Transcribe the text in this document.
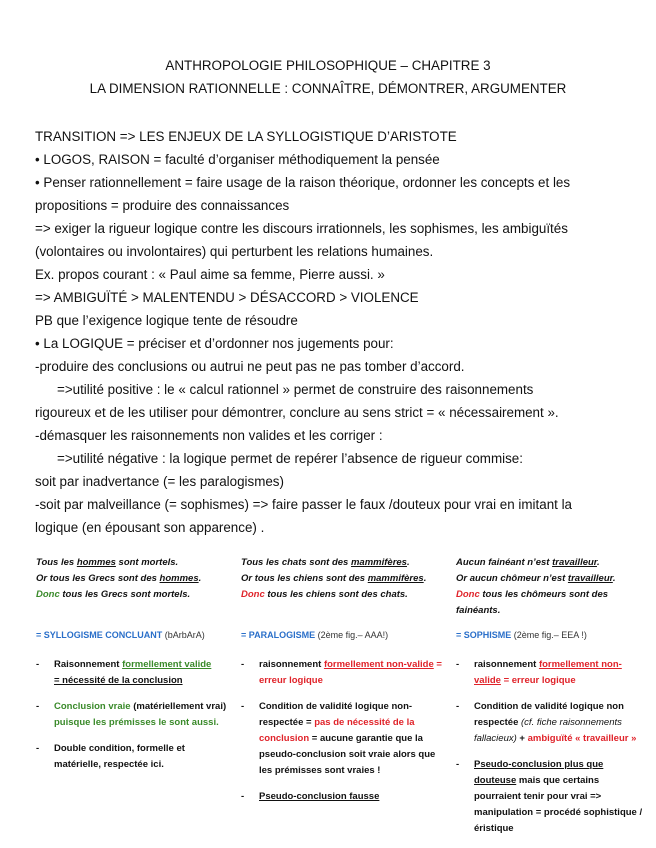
ANTHROPOLOGIE PHILOSOPHIQUE – CHAPITRE 3
LA DIMENSION RATIONNELLE : CONNAÎTRE, DÉMONTRER, ARGUMENTER
TRANSITION => LES ENJEUX DE LA SYLLOGISTIQUE D’ARISTOTE
• LOGOS, RAISON = faculté d’organiser méthodiquement la pensée
• Penser rationnellement = faire usage de la raison théorique, ordonner les concepts et les
propositions = produire des connaissances
=> exiger la rigueur logique contre les discours irrationnels, les sophismes, les ambiguïtés
(volontaires ou involontaires) qui perturbent les relations humaines.
Ex. propos courant : « Paul aime sa femme, Pierre aussi. »
=> AMBIGUÏTÉ > MALENTENDU > DÉSACCORD > VIOLENCE
PB que l’exigence logique tente de résoudre
• La LOGIQUE = préciser et d’ordonner nos jugements pour:
-produire des conclusions ou autrui ne peut pas ne pas tomber d’accord.
=>utilité positive : le « calcul rationnel » permet de construire des raisonnements
rigoureux et de les utiliser pour démontrer, conclure au sens strict = « nécessairement ».
-démasquer les raisonnements non valides et les corriger :
=>utilité négative : la logique permet de repérer l’absence de rigueur commise:
soit par inadvertance (= les paralogismes)
-soit par malveillance (= sophismes) => faire passer le faux /douteux pour vrai en imitant la
logique (en épousant son apparence) .
Tous les hommes sont mortels.
Or tous les Grecs sont des hommes.
Donc tous les Grecs sont mortels.
= SYLLOGISME CONCLUANT (bArbArA)
- Raisonnement formellement valide
= nécessité de la conclusion
- Conclusion vraie (matériellement vrai) puisque les prémisses le sont aussi.
- Double condition, formelle et matérielle, respectée ici.
Tous les chats sont des mammifères.
Or tous les chiens sont des mammifères.
Donc tous les chiens sont des chats.
= PARALOGISME (2ème fig.– AAA!)
- raisonnement formellement non-valide = erreur logique
- Condition de validité logique non-respectée = pas de nécessité de la conclusion = aucune garantie que la pseudo-conclusion soit vraie alors que les prémisses sont vraies !
- Pseudo-conclusion fausse
Aucun fainéant n’est travailleur.
Or aucun chômeur n’est travailleur.
Donc tous les chômeurs sont des fainéants.
= SOPHISME (2ème fig.– EEA !)
- raisonnement formellement non-valide = erreur logique
- Condition de validité logique non respectée (cf. fiche raisonnements fallacieux) + ambiguïté « travailleur »
- Pseudo-conclusion plus que douteuse mais que certains pourraient tenir pour vrai => manipulation = procédé sophistique / éristique
